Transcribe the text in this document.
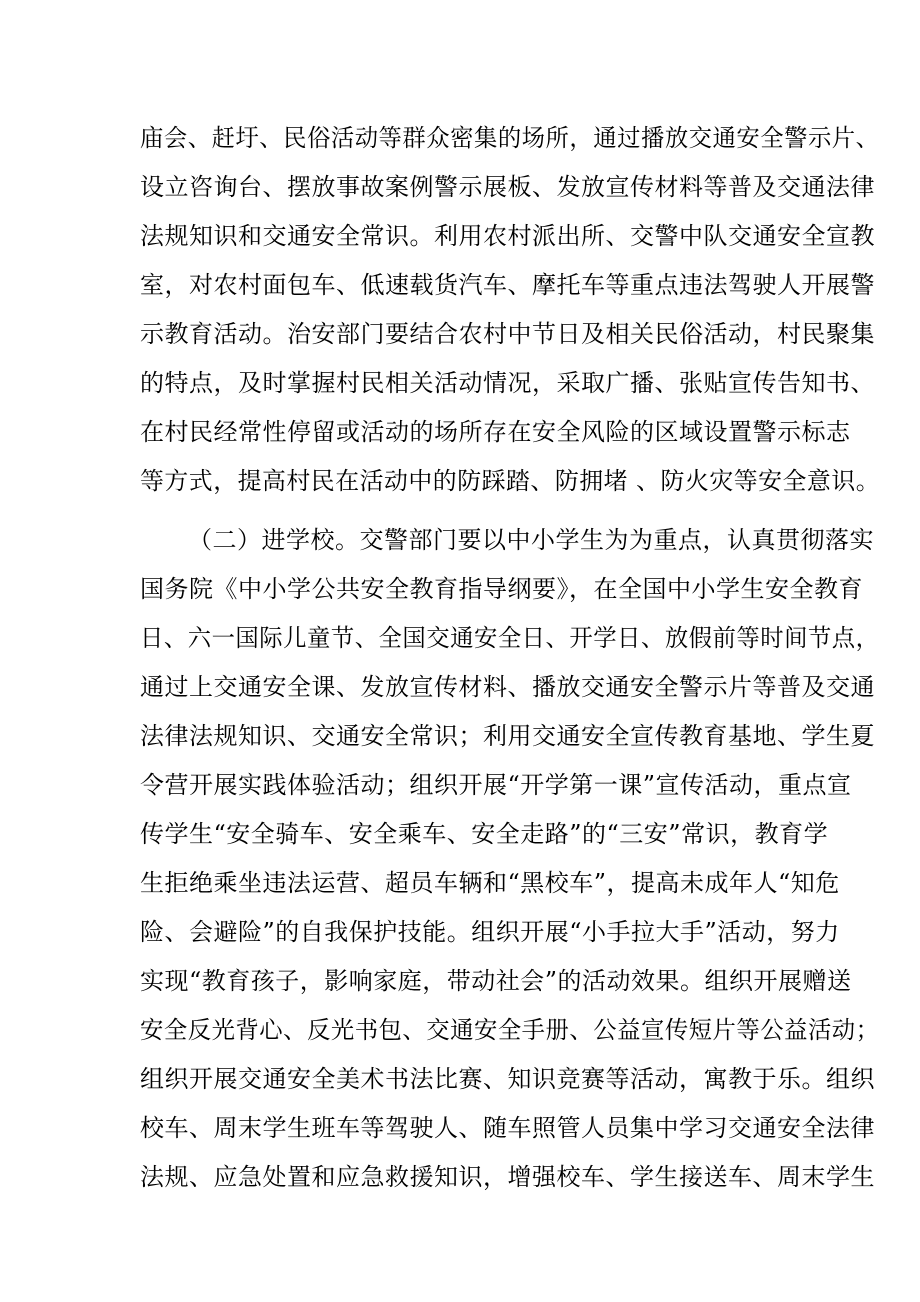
庙会、赶圩、民俗活动等群众密集的场所，通过播放交通安全警示片、
设立咨询台、摆放事故案例警示展板、发放宣传材料等普及交通法律
法规知识和交通安全常识。利用农村派出所、交警中队交通安全宣教
室，对农村面包车、低速载货汽车、摩托车等重点违法驾驶人开展警
示教育活动。治安部门要结合农村中节日及相关民俗活动，村民聚集
的特点，及时掌握村民相关活动情况，采取广播、张贴宣传告知书、
在村民经常性停留或活动的场所存在安全风险的区域设置警示标志
等方式，提高村民在活动中的防踩踏、防拥堵 、防火灾等安全意识。
（二）进学校。交警部门要以中小学生为为重点，认真贯彻落实
国务院《中小学公共安全教育指导纲要》，在全国中小学生安全教育
日、六一国际儿童节、全国交通安全日、开学日、放假前等时间节点，
通过上交通安全课、发放宣传材料、播放交通安全警示片等普及交通
法律法规知识、交通安全常识；利用交通安全宣传教育基地、学生夏
令营开展实践体验活动；组织开展“开学第一课”宣传活动，重点宣
传学生“安全骑车、安全乘车、安全走路”的“三安”常识，教育学
生拒绝乘坐违法运营、超员车辆和“黑校车”，提高未成年人“知危
险、会避险”的自我保护技能。组织开展“小手拉大手”活动，努力
实现“教育孩子，影响家庭，带动社会”的活动效果。组织开展赠送
安全反光背心、反光书包、交通安全手册、公益宣传短片等公益活动；
组织开展交通安全美术书法比赛、知识竞赛等活动，寓教于乐。组织
校车、周末学生班车等驾驶人、随车照管人员集中学习交通安全法律
法规、应急处置和应急救援知识，增强校车、学生接送车、周末学生
